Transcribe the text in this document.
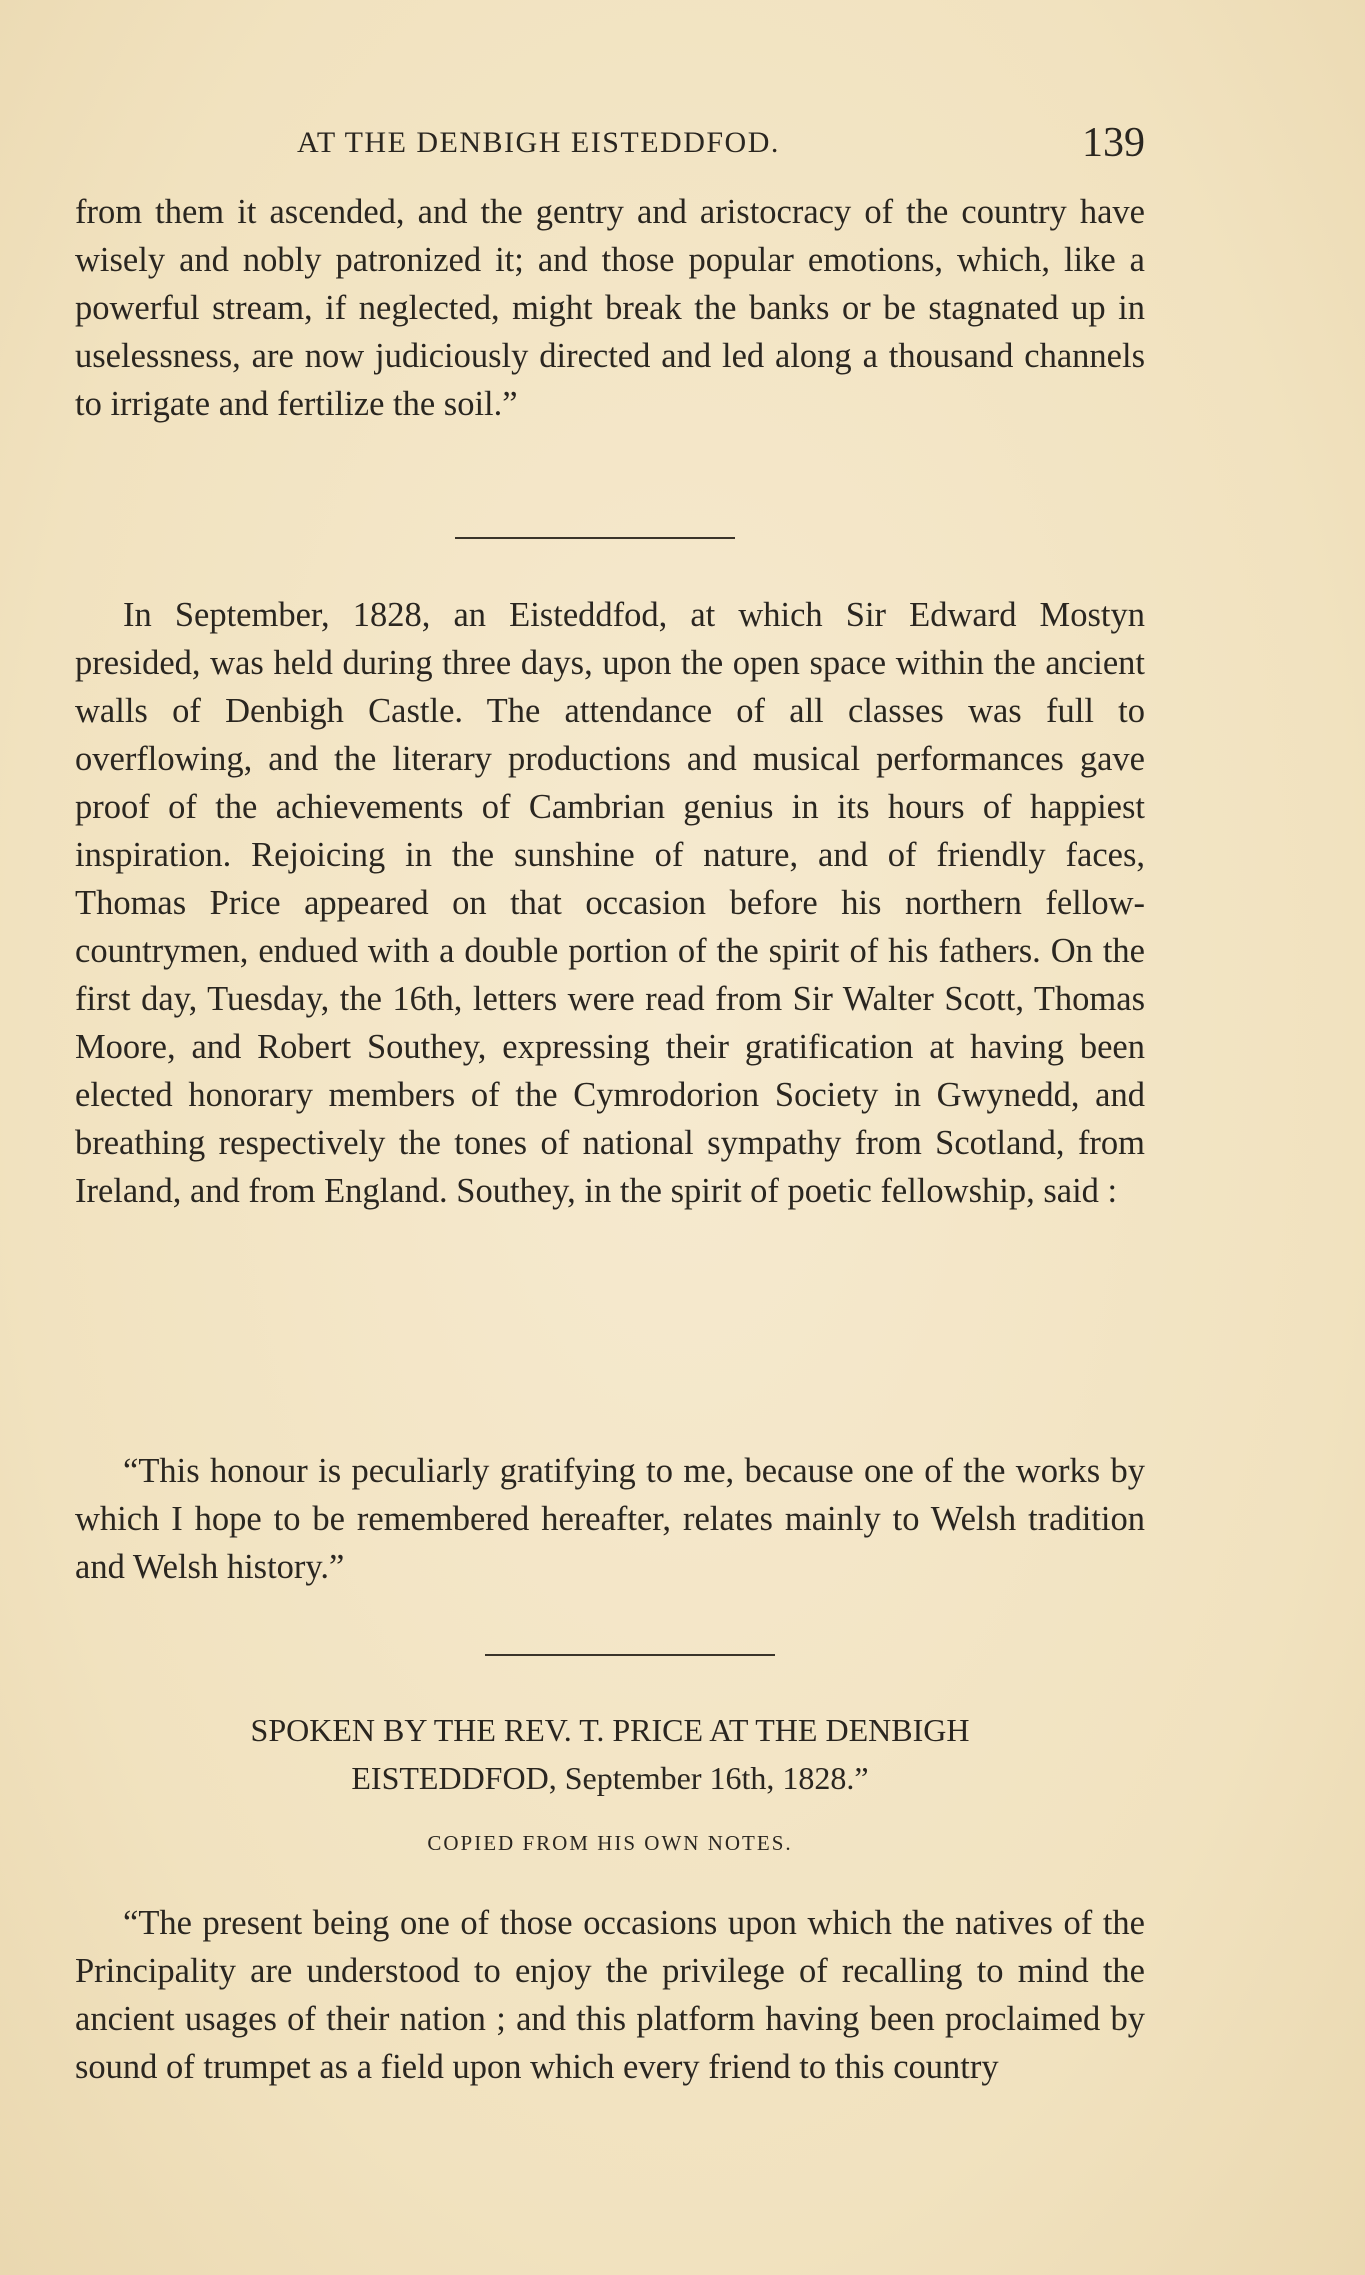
AT THE DENBIGH EISTEDDFOD.	139

from them it ascended, and the gentry and aristocracy of the country have wisely and nobly patronized it; and those popular emotions, which, like a powerful stream, if neglected, might break the banks or be stagnated up in uselessness, are now judiciously directed and led along a thousand channels to irrigate and fertilize the soil.”

In September, 1828, an Eisteddfod, at which Sir Edward Mostyn presided, was held during three days, upon the open space within the ancient walls of Denbigh Castle. The attendance of all classes was full to overflowing, and the literary productions and musical performances gave proof of the achievements of Cambrian genius in its hours of happiest inspiration. Rejoicing in the sunshine of nature, and of friendly faces, Thomas Price appeared on that occasion before his northern fellow-countrymen, endued with a double portion of the spirit of his fathers. On the first day, Tuesday, the 16th, letters were read from Sir Walter Scott, Thomas Moore, and Robert Southey, expressing their gratification at having been elected honorary members of the Cymrodorion Society in Gwynedd, and breathing respectively the tones of national sympathy from Scotland, from Ireland, and from England. Southey, in the spirit of poetic fellowship, said :

“This honour is peculiarly gratifying to me, because one of the works by which I hope to be remembered hereafter, relates mainly to Welsh tradition and Welsh history.”

SPOKEN BY THE REV. T. PRICE AT THE DENBIGH
EISTEDDFOD, September 16th, 1828.”
COPIED FROM HIS OWN NOTES.

“The present being one of those occasions upon which the natives of the Principality are understood to enjoy the privilege of recalling to mind the ancient usages of their nation ; and this platform having been proclaimed by sound of trumpet as a field upon which every friend to this country
